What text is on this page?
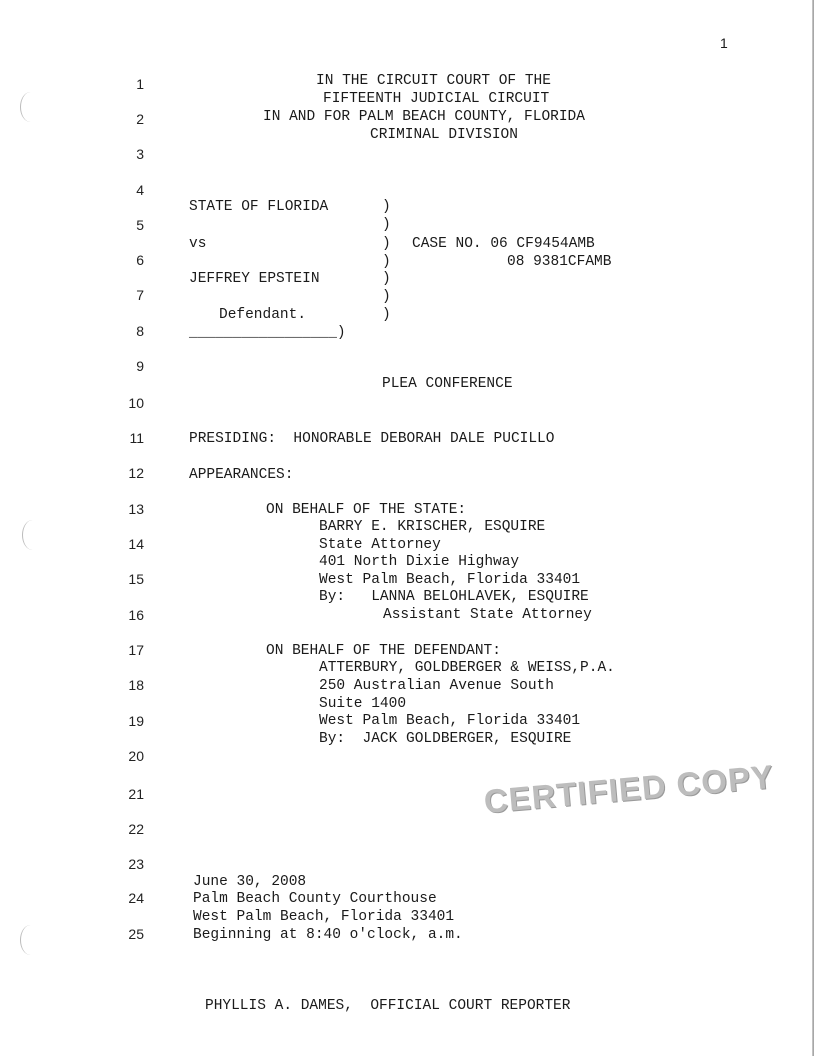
1
1
2
3
4
5
6
7
8
9
10
11
12
13
14
15
16
17
18
19
20
21
22
23
24
25
IN THE CIRCUIT COURT OF THE
FIFTEENTH JUDICIAL CIRCUIT
IN AND FOR PALM BEACH COUNTY, FLORIDA
CRIMINAL DIVISION
STATE OF FLORIDA	)
)
vs	) CASE NO. 06 CF9454AMB
)	08 9381CFAMB
JEFFREY EPSTEIN	)
)
Defendant.	)
_________________)
PLEA CONFERENCE
PRESIDING:  HONORABLE DEBORAH DALE PUCILLO
APPEARANCES:
ON BEHALF OF THE STATE:
BARRY E. KRISCHER, ESQUIRE
State Attorney
401 North Dixie Highway
West Palm Beach, Florida 33401
By:   LANNA BELOHLAVEK, ESQUIRE
Assistant State Attorney
ON BEHALF OF THE DEFENDANT:
ATTERBURY, GOLDBERGER & WEISS,P.A.
250 Australian Avenue South
Suite 1400
West Palm Beach, Florida 33401
By:  JACK GOLDBERGER, ESQUIRE
CERTIFIED COPY
June 30, 2008
Palm Beach County Courthouse
West Palm Beach, Florida 33401
Beginning at 8:40 o'clock, a.m.
PHYLLIS A. DAMES,  OFFICIAL COURT REPORTER
